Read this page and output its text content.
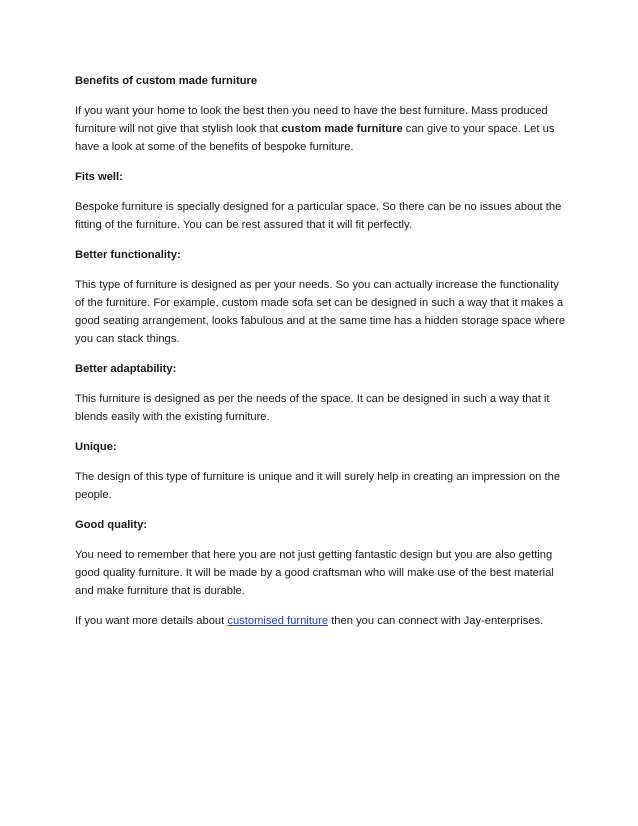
Benefits of custom made furniture

If you want your home to look the best then you need to have the best furniture. Mass produced furniture will not give that stylish look that custom made furniture can give to your space. Let us have a look at some of the benefits of bespoke furniture.

Fits well:

Bespoke furniture is specially designed for a particular space. So there can be no issues about the fitting of the furniture. You can be rest assured that it will fit perfectly.

Better functionality:

This type of furniture is designed as per your needs. So you can actually increase the functionality of the furniture. For example, custom made sofa set can be designed in such a way that it makes a good seating arrangement, looks fabulous and at the same time has a hidden storage space where you can stack things.

Better adaptability:

This furniture is designed as per the needs of the space. It can be designed in such a way that it blends easily with the existing furniture.

Unique:

The design of this type of furniture is unique and it will surely help in creating an impression on the people.

Good quality:

You need to remember that here you are not just getting fantastic design but you are also getting good quality furniture. It will be made by a good craftsman who will make use of the best material and make furniture that is durable.

If you want more details about customised furniture then you can connect with Jay-enterprises.
